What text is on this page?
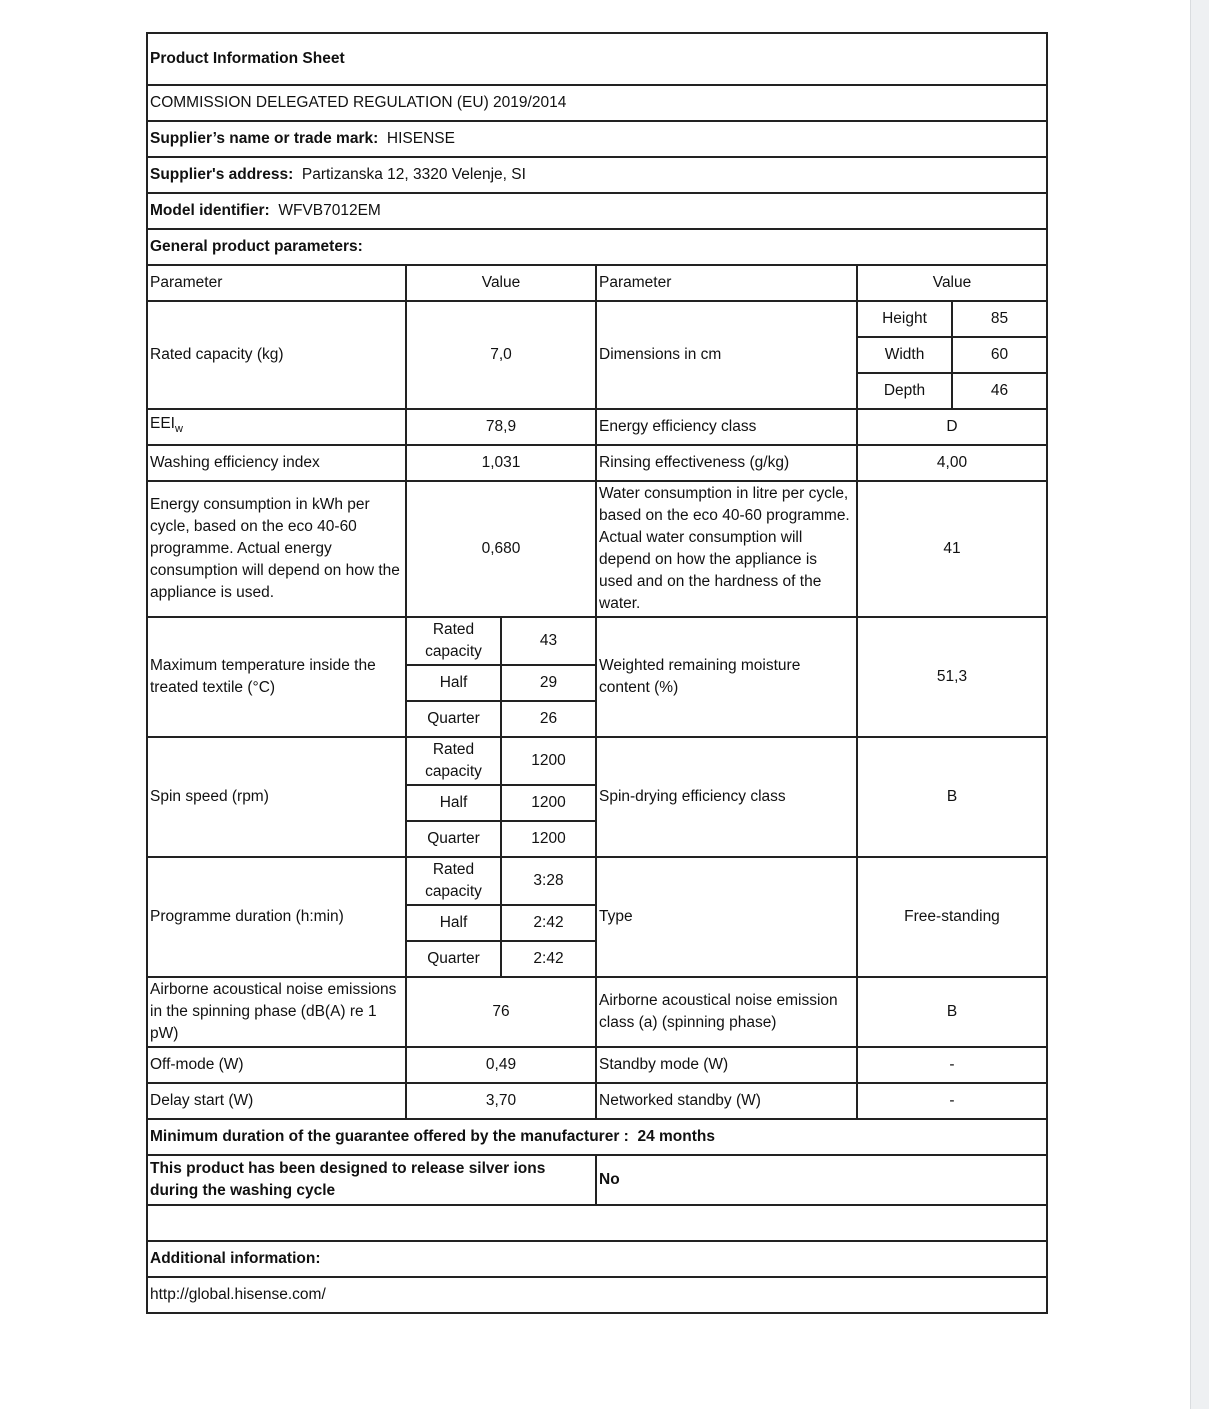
Product Information Sheet					
COMMISSION DELEGATED REGULATION (EU) 2019/2014					
Supplier’s name or trade mark: HISENSE					
Supplier's address: Partizanska 12, 3320 Velenje, SI					
Model identifier: WFVB7012EM					
General product parameters:					
Parameter	Value		Parameter	Value	
Rated capacity (kg)	7,0		Dimensions in cm	Height	85
				Width	60
				Depth	46
$EEI_w$	78,9		Energy efficiency class	D	
Washing efficiency index	1,031		Rinsing effectiveness (g/kg)	4,00	
Energy consumption in kWh per cycle, based on the eco 40-60 programme. Actual energy consumption will depend on how the appliance is used.	0,680		Water consumption in litre per cycle, based on the eco 40-60 programme. Actual water consumption will depend on how the appliance is used and on the hardness of the water.	41	
Maximum temperature inside the treated textile (°C)	Rated capacity	43	Weighted remaining moisture content (%)	51,3	
	Half	29			
	Quarter	26			
Spin speed (rpm)	Rated capacity	1200	Spin-drying efficiency class	B	
	Half	1200			
	Quarter	1200			
Programme duration (h:min)	Rated capacity	3:28	Type	Free-standing	
	Half	2:42			
	Quarter	2:42			
Airborne acoustical noise emissions in the spinning phase (dB(A) re 1 pW)	76		Airborne acoustical noise emission class (a) (spinning phase)	B	
Off-mode (W)	0,49		Standby mode (W)	-	
Delay start (W)	3,70		Networked standby (W)	-	
Minimum duration of the guarantee offered by the manufacturer : 24 months					
This product has been designed to release silver ions during the washing cycle			No		

Additional information:					
http://global.hisense.com/					
